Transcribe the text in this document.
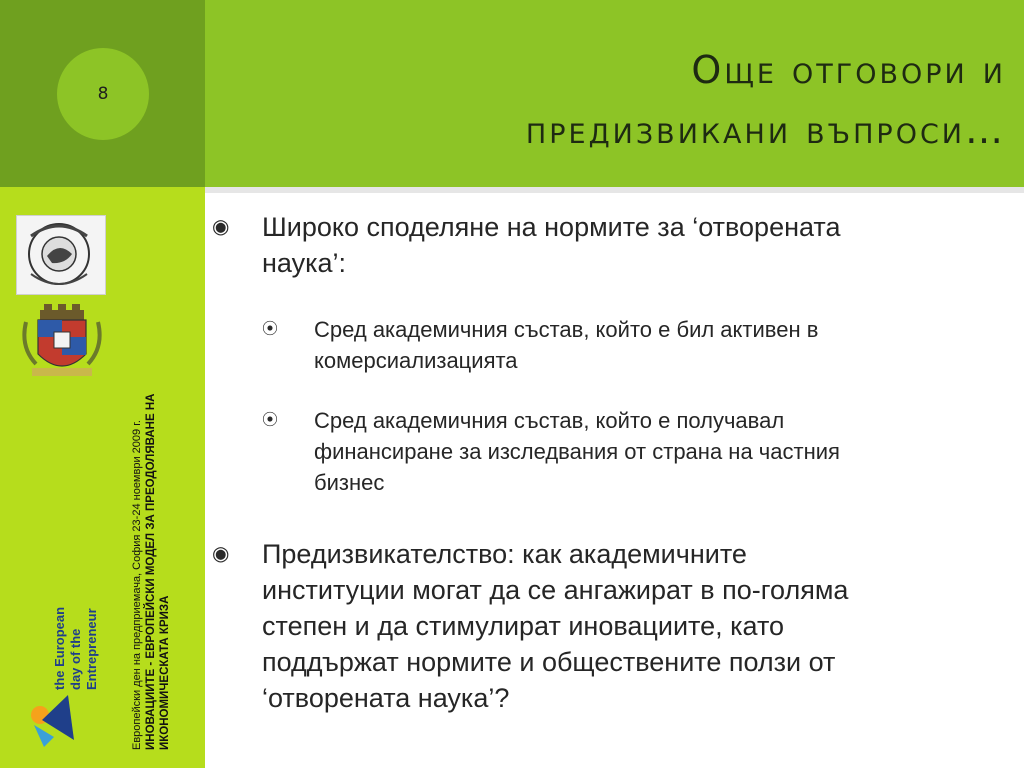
8
Още отговори и
предизвикани въпроси…
◉ Широко споделяне на нормите за ‘отворената
наука’:
⦿ Сред академичния състав, който е бил активен в
комерсиализацията
⦿ Сред академичния състав, който е получавал
финансиране за изследвания от страна на частния
бизнес
◉ Предизвикателство: как академичните
институции могат да се ангажират в по-голяма
степен и да стимулират иновациите, като
поддържат нормите и обществените ползи от
‘отворената наука’?
the European day of the Entrepreneur	Европейски ден на предприемача, София 23-24 ноември 2009 г. ИНОВАЦИИТЕ - ЕВРОПЕЙСКИ МОДЕЛ ЗА ПРЕОДОЛЯВАНЕ НА ИКОНОМИЧЕСКАТА КРИЗА
